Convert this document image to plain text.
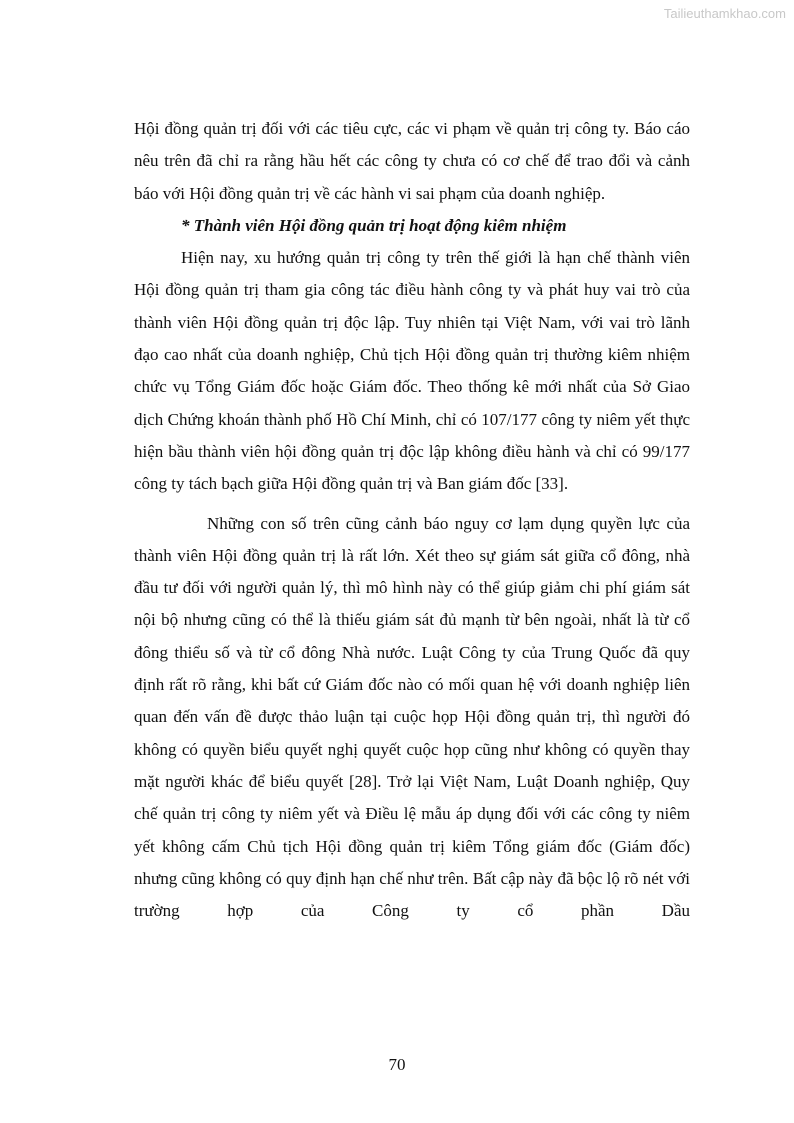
Tailieuthamkhao.com

Hội đồng quản trị đối với các tiêu cực, các vi phạm về quản trị công ty. Báo cáo nêu trên đã chỉ ra rằng hầu hết các công ty chưa có cơ chế để trao đổi và cảnh báo với Hội đồng quản trị về các hành vi sai phạm của doanh nghiệp.

* Thành viên Hội đồng quản trị hoạt động kiêm nhiệm

Hiện nay, xu hướng quản trị công ty trên thế giới là hạn chế thành viên Hội đồng quản trị tham gia công tác điều hành công ty và phát huy vai trò của thành viên Hội đồng quản trị độc lập. Tuy nhiên tại Việt Nam, với vai trò lãnh đạo cao nhất của doanh nghiệp, Chủ tịch Hội đồng quản trị thường kiêm nhiệm chức vụ Tổng Giám đốc hoặc Giám đốc. Theo thống kê mới nhất của Sở Giao dịch Chứng khoán thành phố Hồ Chí Minh, chỉ có 107/177 công ty niêm yết thực hiện bầu thành viên hội đồng quản trị độc lập không điều hành và chỉ có 99/177 công ty tách bạch giữa Hội đồng quản trị và Ban giám đốc [33].

Những con số trên cũng cảnh báo nguy cơ lạm dụng quyền lực của thành viên Hội đồng quản trị là rất lớn. Xét theo sự giám sát giữa cổ đông, nhà đầu tư đối với người quản lý, thì mô hình này có thể giúp giảm chi phí giám sát nội bộ nhưng cũng có thể là thiếu giám sát đủ mạnh từ bên ngoài, nhất là từ cổ đông thiểu số và từ cổ đông Nhà nước. Luật Công ty của Trung Quốc đã quy định rất rõ rằng, khi bất cứ Giám đốc nào có mối quan hệ với doanh nghiệp liên quan đến vấn đề được thảo luận tại cuộc họp Hội đồng quản trị, thì người đó không có quyền biểu quyết nghị quyết cuộc họp cũng như không có quyền thay mặt người khác để biểu quyết [28]. Trở lại Việt Nam, Luật Doanh nghiệp, Quy chế quản trị công ty niêm yết và Điều lệ mẫu áp dụng đối với các công ty niêm yết không cấm Chủ tịch Hội đồng quản trị kiêm Tổng giám đốc (Giám đốc) nhưng cũng không có quy định hạn chế như trên. Bất cập này đã bộc lộ rõ nét với trường hợp của Công ty cổ phần Dầu

70
